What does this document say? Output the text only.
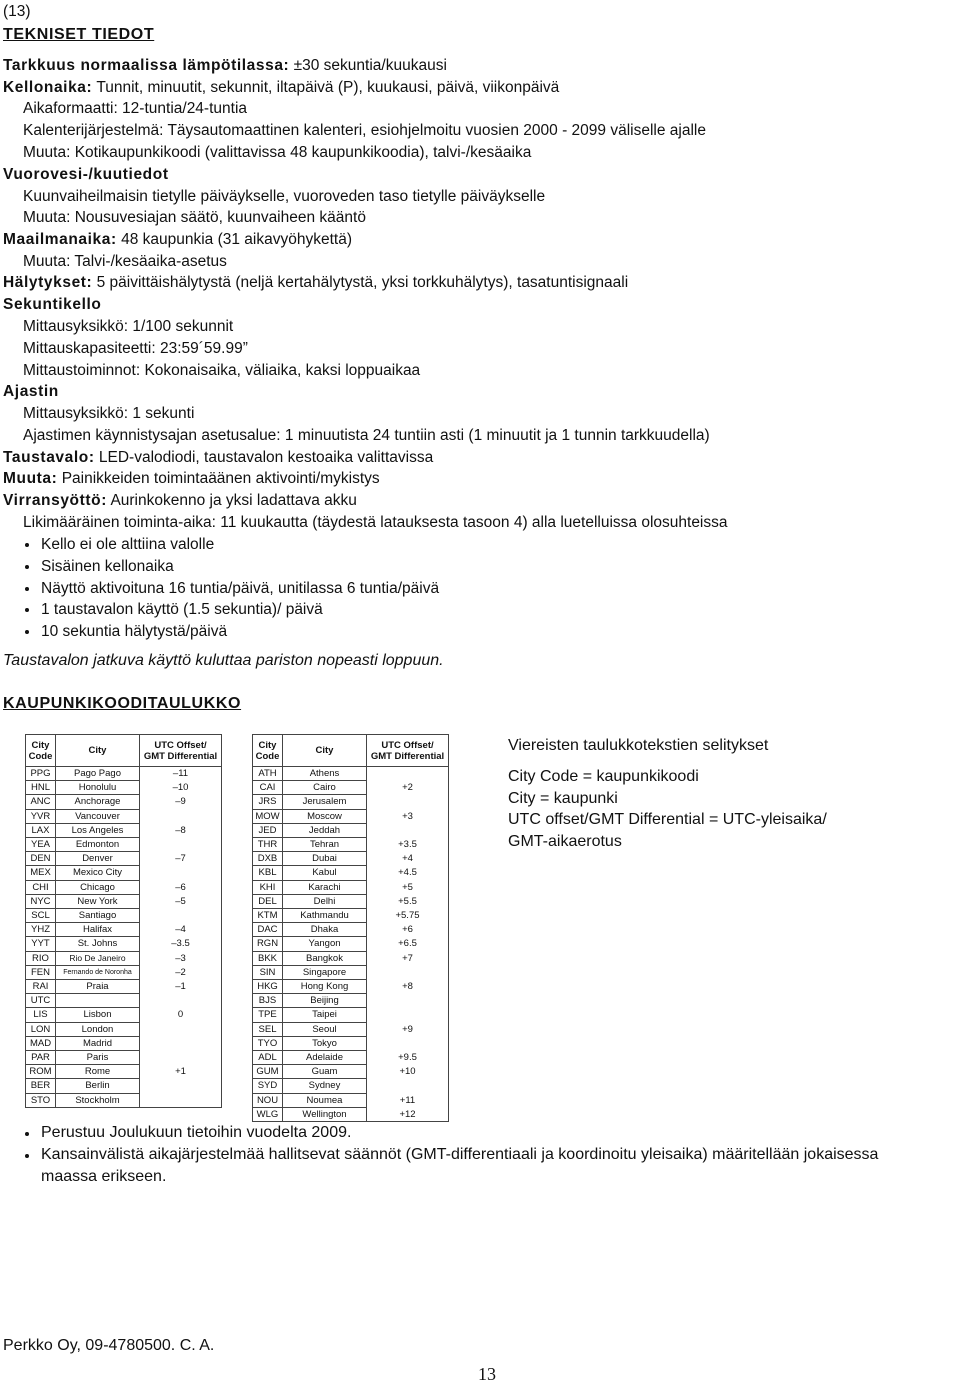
(13)
TEKNISET TIEDOT
Tarkkuus normaalissa lämpötilassa: ±30 sekuntia/kuukausi
Kellonaika: Tunnit, minuutit, sekunnit, iltapäivä (P), kuukausi, päivä, viikonpäivä
Aikaformaatti: 12-tuntia/24-tuntia
Kalenterijärjestelmä: Täysautomaattinen kalenteri, esiohjelmoitu vuosien 2000 - 2099 väliselle ajalle
Muuta: Kotikaupunkikoodi (valittavissa 48 kaupunkikoodia), talvi-/kesäaika
Vuorovesi-/kuutiedot
Kuunvaiheilmaisin tietylle päiväykselle, vuoroveden taso tietylle päiväykselle
Muuta: Nousuvesiajan säätö, kuunvaiheen kääntö
Maailmanaika: 48 kaupunkia (31 aikavyöhykettä)
Muuta: Talvi-/kesäaika-asetus
Hälytykset: 5 päivittäishälytystä (neljä kertahälytystä, yksi torkkuhälytys), tasatuntisignaali
Sekuntikello
Mittausyksikkö: 1/100 sekunnit
Mittauskapasiteetti: 23:59´59.99”
Mittaustoiminnot: Kokonaisaika, väliaika, kaksi loppuaikaa
Ajastin
Mittausyksikkö: 1 sekunti
Ajastimen käynnistysajan asetusalue: 1 minuutista 24 tuntiin asti (1 minuutit ja 1 tunnin tarkkuudella)
Taustavalo: LED-valodiodi, taustavalon kestoaika valittavissa
Muuta: Painikkeiden toimintaäänen aktivointi/mykistys
Virransyöttö: Aurinkokenno ja yksi ladattava akku
Likimääräinen toiminta-aika: 11 kuukautta (täydestä latauksesta tasoon 4) alla luetelluissa olosuhteissa
Kello ei ole alttiina valolle
Sisäinen kellonaika
Näyttö aktivoituna 16 tuntia/päivä, unitilassa 6 tuntia/päivä
1 taustavalon käyttö (1.5 sekuntia)/ päivä
10 sekuntia hälytystä/päivä
Taustavalon jatkuva käyttö kuluttaa pariston nopeasti loppuun.
KAUPUNKIKOODITAULUKKO
City
Code	City	UTC Offset/
GMT Differential
PPG	Pago Pago	–11
HNL	Honolulu	–10
ANC	Anchorage	–9
YVR	Vancouver	
LAX	Los Angeles	–8
YEA	Edmonton	
DEN	Denver	–7
MEX	Mexico City	
CHI	Chicago	–6
NYC	New York	–5
SCL	Santiago	
YHZ	Halifax	–4
YYT	St. Johns	–3.5
RIO	Rio De Janeiro	–3
FEN	Fernando de Noronha	–2
RAI	Praia	–1
UTC		
LIS	Lisbon	0
LON	London	
MAD	Madrid	
PAR	Paris	
ROM	Rome	+1
BER	Berlin	
STO	Stockholm	
City
Code	City	UTC Offset/
GMT Differential
ATH	Athens	
CAI	Cairo	+2
JRS	Jerusalem	
MOW	Moscow	+3
JED	Jeddah	
THR	Tehran	+3.5
DXB	Dubai	+4
KBL	Kabul	+4.5
KHI	Karachi	+5
DEL	Delhi	+5.5
KTM	Kathmandu	+5.75
DAC	Dhaka	+6
RGN	Yangon	+6.5
BKK	Bangkok	+7
SIN	Singapore	
HKG	Hong Kong	+8
BJS	Beijing	
TPE	Taipei	
SEL	Seoul	+9
TYO	Tokyo	
ADL	Adelaide	+9.5
GUM	Guam	+10
SYD	Sydney	
NOU	Noumea	+11
WLG	Wellington	+12
Viereisten taulukkotekstien selitykset
City Code = kaupunkikoodi
City = kaupunki
UTC offset/GMT Differential = UTC-yleisaika/
GMT-aikaerotus
Perustuu Joulukuun tietoihin vuodelta 2009.
Kansainvälistä aikajärjestelmää hallitsevat säännöt (GMT-differentiaali ja koordinoitu yleisaika) määritellään jokaisessa
maassa erikseen.
Perkko Oy, 09-4780500. C. A.
13
